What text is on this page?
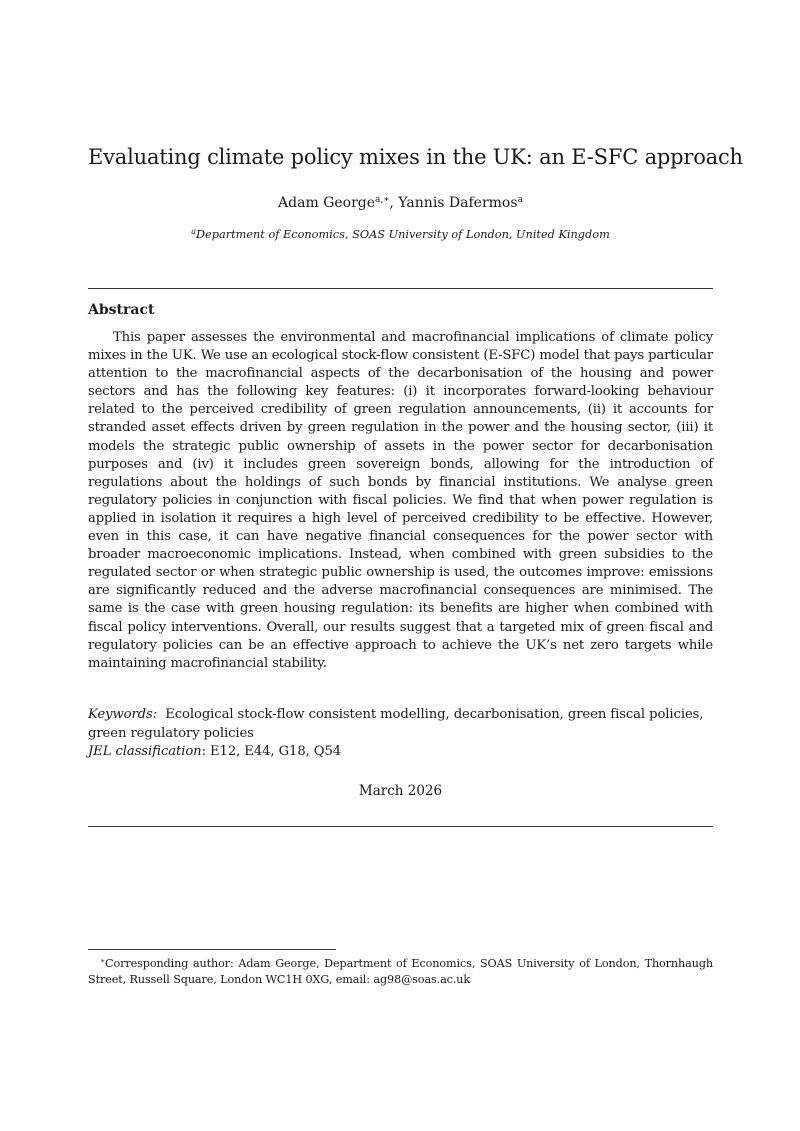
Evaluating climate policy mixes in the UK: an E-SFC approach
Adam George$^{a,∗}$, Yannis Dafermos$^a$
$^a$Department of Economics, SOAS University of London, United Kingdom
Abstract

This paper assesses the environmental and macrofinancial implications of climate policy mixes in the UK. We use an ecological stock-flow consistent (E-SFC) model that pays particular attention to the macrofinancial aspects of the decarbonisation of the housing and power sectors and has the following key features: (i) it incorporates forward-looking behaviour related to the perceived credibility of green regulation announcements, (ii) it accounts for stranded asset effects driven by green regulation in the power and the housing sector, (iii) it models the strategic public ownership of assets in the power sector for decarbonisation purposes and (iv) it includes green sovereign bonds, allowing for the introduction of regulations about the holdings of such bonds by financial institutions. We analyse green regulatory policies in conjunction with fiscal policies. We find that when power regulation is applied in isolation it requires a high level of perceived credibility to be effective. However, even in this case, it can have negative financial consequences for the power sector with broader macroeconomic implications. Instead, when combined with green subsidies to the regulated sector or when strategic public ownership is used, the outcomes improve: emissions are significantly reduced and the adverse macrofinancial consequences are minimised. The same is the case with green housing regulation: its benefits are higher when combined with fiscal policy interventions. Overall, our results suggest that a targeted mix of green fiscal and regulatory policies can be an effective approach to achieve the UK’s net zero targets while maintaining macrofinancial stability.

Keywords: Ecological stock-flow consistent modelling, decarbonisation, green fiscal policies, green regulatory policies
JEL classification: E12, E44, G18, Q54
March 2026

∗Corresponding author: Adam George, Department of Economics, SOAS University of London, Thornhaugh Street, Russell Square, London WC1H 0XG, email: ag98@soas.ac.uk
